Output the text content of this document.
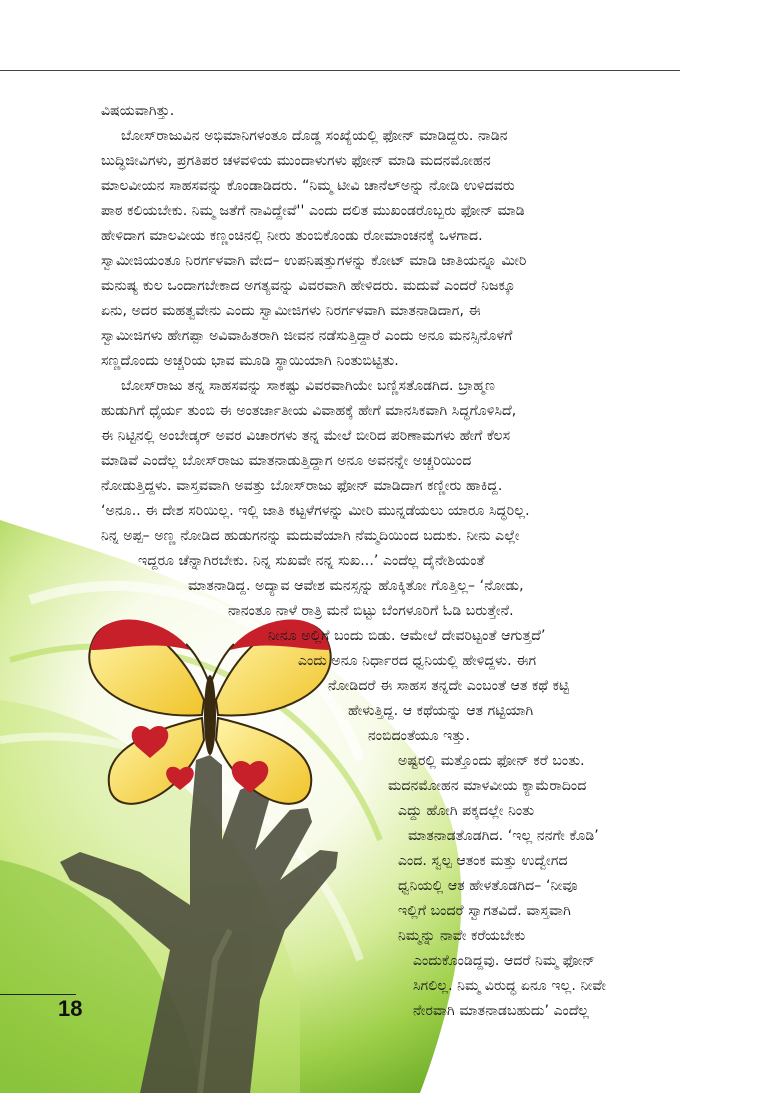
ವಿಷಯವಾಗಿತ್ತು.
ಬೋಸ್‌ರಾಜುವಿನ ಅಭಿಮಾನಿಗಳಂತೂ ದೊಡ್ಡ ಸಂಖ್ಯೆಯಲ್ಲಿ ಫೋನ್ ಮಾಡಿದ್ದರು. ನಾಡಿನ
ಬುದ್ಧಿಜೀವಿಗಳು, ಪ್ರಗತಿಪರ ಚಳವಳಿಯ ಮುಂದಾಳುಗಳು ಫೋನ್ ಮಾಡಿ ಮದನಮೋಹನ
ಮಾಲವೀಯನ ಸಾಹಸವನ್ನು ಕೊಂಡಾಡಿದರು. “ನಿಮ್ಮ ಟೀವಿ ಚಾನೆಲ್‌ಅನ್ನು ನೋಡಿ ಉಳಿದವರು
ಪಾಠ ಕಲಿಯಬೇಕು. ನಿಮ್ಮ ಜತೆಗೆ ನಾವಿದ್ದೇವೆ'' ಎಂದು ದಲಿತ ಮುಖಂಡರೊಬ್ಬರು ಫೋನ್ ಮಾಡಿ
ಹೇಳಿದಾಗ ಮಾಲವೀಯ ಕಣ್ಣಂಚಿನಲ್ಲಿ ನೀರು ತುಂಬಿಕೊಂಡು ರೋಮಾಂಚನಕ್ಕೆ ಒಳಗಾದ.
ಸ್ವಾಮೀಜಿಯಂತೂ ನಿರರ್ಗಳವಾಗಿ ವೇದ– ಉಪನಿಷತ್ತುಗಳನ್ನು ಕೋಟ್ ಮಾಡಿ ಜಾತಿಯನ್ನೂ ಮೀರಿ
ಮನುಷ್ಯ ಕುಲ ಒಂದಾಗಬೇಕಾದ ಅಗತ್ಯವನ್ನು ವಿವರವಾಗಿ ಹೇಳಿದರು. ಮದುವೆ ಎಂದರೆ ನಿಜಕ್ಕೂ
ಏನು, ಅದರ ಮಹತ್ವವೇನು ಎಂದು ಸ್ವಾಮೀಜಿಗಳು ನಿರರ್ಗಳವಾಗಿ ಮಾತನಾಡಿದಾಗ, ಈ
ಸ್ವಾಮೀಜಿಗಳು ಹೇಗಪ್ಪಾ ಅವಿವಾಹಿತರಾಗಿ ಜೀವನ ನಡೆಸುತ್ತಿದ್ದಾರೆ ಎಂದು ಅನೂ ಮನಸ್ಸಿನೊಳಗೆ
ಸಣ್ಣದೊಂದು ಅಚ್ಚರಿಯ ಭಾವ ಮೂಡಿ ಸ್ಥಾಯಿಯಾಗಿ ನಿಂತುಬಿಟ್ಟಿತು.
ಬೋಸ್‌ರಾಜು ತನ್ನ ಸಾಹಸವನ್ನು ಸಾಕಷ್ಟು ವಿವರವಾಗಿಯೇ ಬಣ್ಣಿಸತೊಡಗಿದ. ಬ್ರಾಹ್ಮಣ
ಹುಡುಗಿಗೆ ಧೈರ್ಯ ತುಂಬಿ ಈ ಅಂತರ್ಜಾತೀಯ ವಿವಾಹಕ್ಕೆ ಹೇಗೆ ಮಾನಸಿಕವಾಗಿ ಸಿದ್ಧಗೊಳಿಸಿದೆ,
ಈ ನಿಟ್ಟಿನಲ್ಲಿ ಅಂಬೇಡ್ಕರ್ ಅವರ ವಿಚಾರಗಳು ತನ್ನ ಮೇಲೆ ಬೀರಿದ ಪರಿಣಾಮಗಳು ಹೇಗೆ ಕೆಲಸ
ಮಾಡಿವೆ ಎಂದೆಲ್ಲ ಬೋಸ್‌ರಾಜು ಮಾತನಾಡುತ್ತಿದ್ದಾಗ ಅನೂ ಅವನನ್ನೇ ಅಚ್ಚರಿಯಿಂದ
ನೋಡುತ್ತಿದ್ದಳು. ವಾಸ್ತವವಾಗಿ ಅವತ್ತು ಬೋಸ್‌ರಾಜು ಫೋನ್ ಮಾಡಿದಾಗ ಕಣ್ಣೀರು ಹಾಕಿದ್ದ.
‘ಅನೂ.. ಈ ದೇಶ ಸರಿಯಿಲ್ಲ. ಇಲ್ಲಿ ಜಾತಿ ಕಟ್ಟಳೆಗಳನ್ನು ಮೀರಿ ಮುನ್ನಡೆಯಲು ಯಾರೂ ಸಿದ್ಧರಿಲ್ಲ.
ನಿನ್ನ ಅಪ್ಪ– ಅಣ್ಣ ನೋಡಿದ ಹುಡುಗನನ್ನು ಮದುವೆಯಾಗಿ ನೆಮ್ಮದಿಯಿಂದ ಬದುಕು. ನೀನು ಎಲ್ಲೇ
ಇದ್ದರೂ ಚೆನ್ನಾಗಿರಬೇಕು. ನಿನ್ನ ಸುಖವೇ ನನ್ನ ಸುಖ...’ ಎಂದೆಲ್ಲ ದೈನೇಶಿಯಂತೆ
ಮಾತನಾಡಿದ್ದ. ಅದ್ಯಾವ ಆವೇಶ ಮನಸ್ಸನ್ನು ಹೊಕ್ಕಿತೋ ಗೊತ್ತಿಲ್ಲ– ‘ನೋಡು,
ನಾನಂತೂ ನಾಳೆ ರಾತ್ರಿ ಮನೆ ಬಿಟ್ಟು ಬೆಂಗಳೂರಿಗೆ ಓಡಿ ಬರುತ್ತೇನೆ.
ನೀನೂ ಅಲ್ಲಿಗೆ ಬಂದು ಬಿಡು. ಆಮೇಲೆ ದೇವರಿಟ್ಟಂತೆ ಆಗುತ್ತದೆ’
ಎಂದು ಅನೂ ನಿರ್ಧಾರದ ಧ್ವನಿಯಲ್ಲಿ ಹೇಳಿದ್ದಳು. ಈಗ
ನೋಡಿದರೆ ಈ ಸಾಹಸ ತನ್ನದೇ ಎಂಬಂತೆ ಆತ ಕಥೆ ಕಟ್ಟಿ
ಹೇಳುತ್ತಿದ್ದ. ಆ ಕಥೆಯನ್ನು ಆತ ಗಟ್ಟಿಯಾಗಿ
ನಂಬಿದಂತೆಯೂ ಇತ್ತು.
ಅಷ್ಟರಲ್ಲಿ ಮತ್ತೊಂದು ಫೋನ್ ಕರೆ ಬಂತು.
ಮದನಮೋಹನ ಮಾಳವೀಯ ಕ್ಯಾಮೆರಾದಿಂದ
ಎದ್ದು ಹೋಗಿ ಪಕ್ಕದಲ್ಲೇ ನಿಂತು
ಮಾತನಾಡತೊಡಗಿದ. ‘ಇಲ್ಲ ನನಗೇ ಕೊಡಿ’
ಎಂದ. ಸ್ವಲ್ಪ ಆತಂಕ ಮತ್ತು ಉದ್ವೇಗದ
ಧ್ವನಿಯಲ್ಲಿ ಆತ ಹೇಳತೊಡಗಿದ– ‘ನೀವೂ
ಇಲ್ಲಿಗೆ ಬಂದರೆ ಸ್ವಾಗತವಿದೆ. ವಾಸ್ತವಾಗಿ
ನಿಮ್ಮನ್ನು ನಾವೇ ಕರೆಯಬೇಕು
ಎಂದುಕೊಂಡಿದ್ದವು. ಆದರೆ ನಿಮ್ಮ ಫೋನ್
ಸಿಗಲಿಲ್ಲ. ನಿಮ್ಮ ವಿರುದ್ಧ ಏನೂ ಇಲ್ಲ. ನೀವೇ
ನೇರವಾಗಿ ಮಾತನಾಡಬಹುದು’ ಎಂದೆಲ್ಲ
18
